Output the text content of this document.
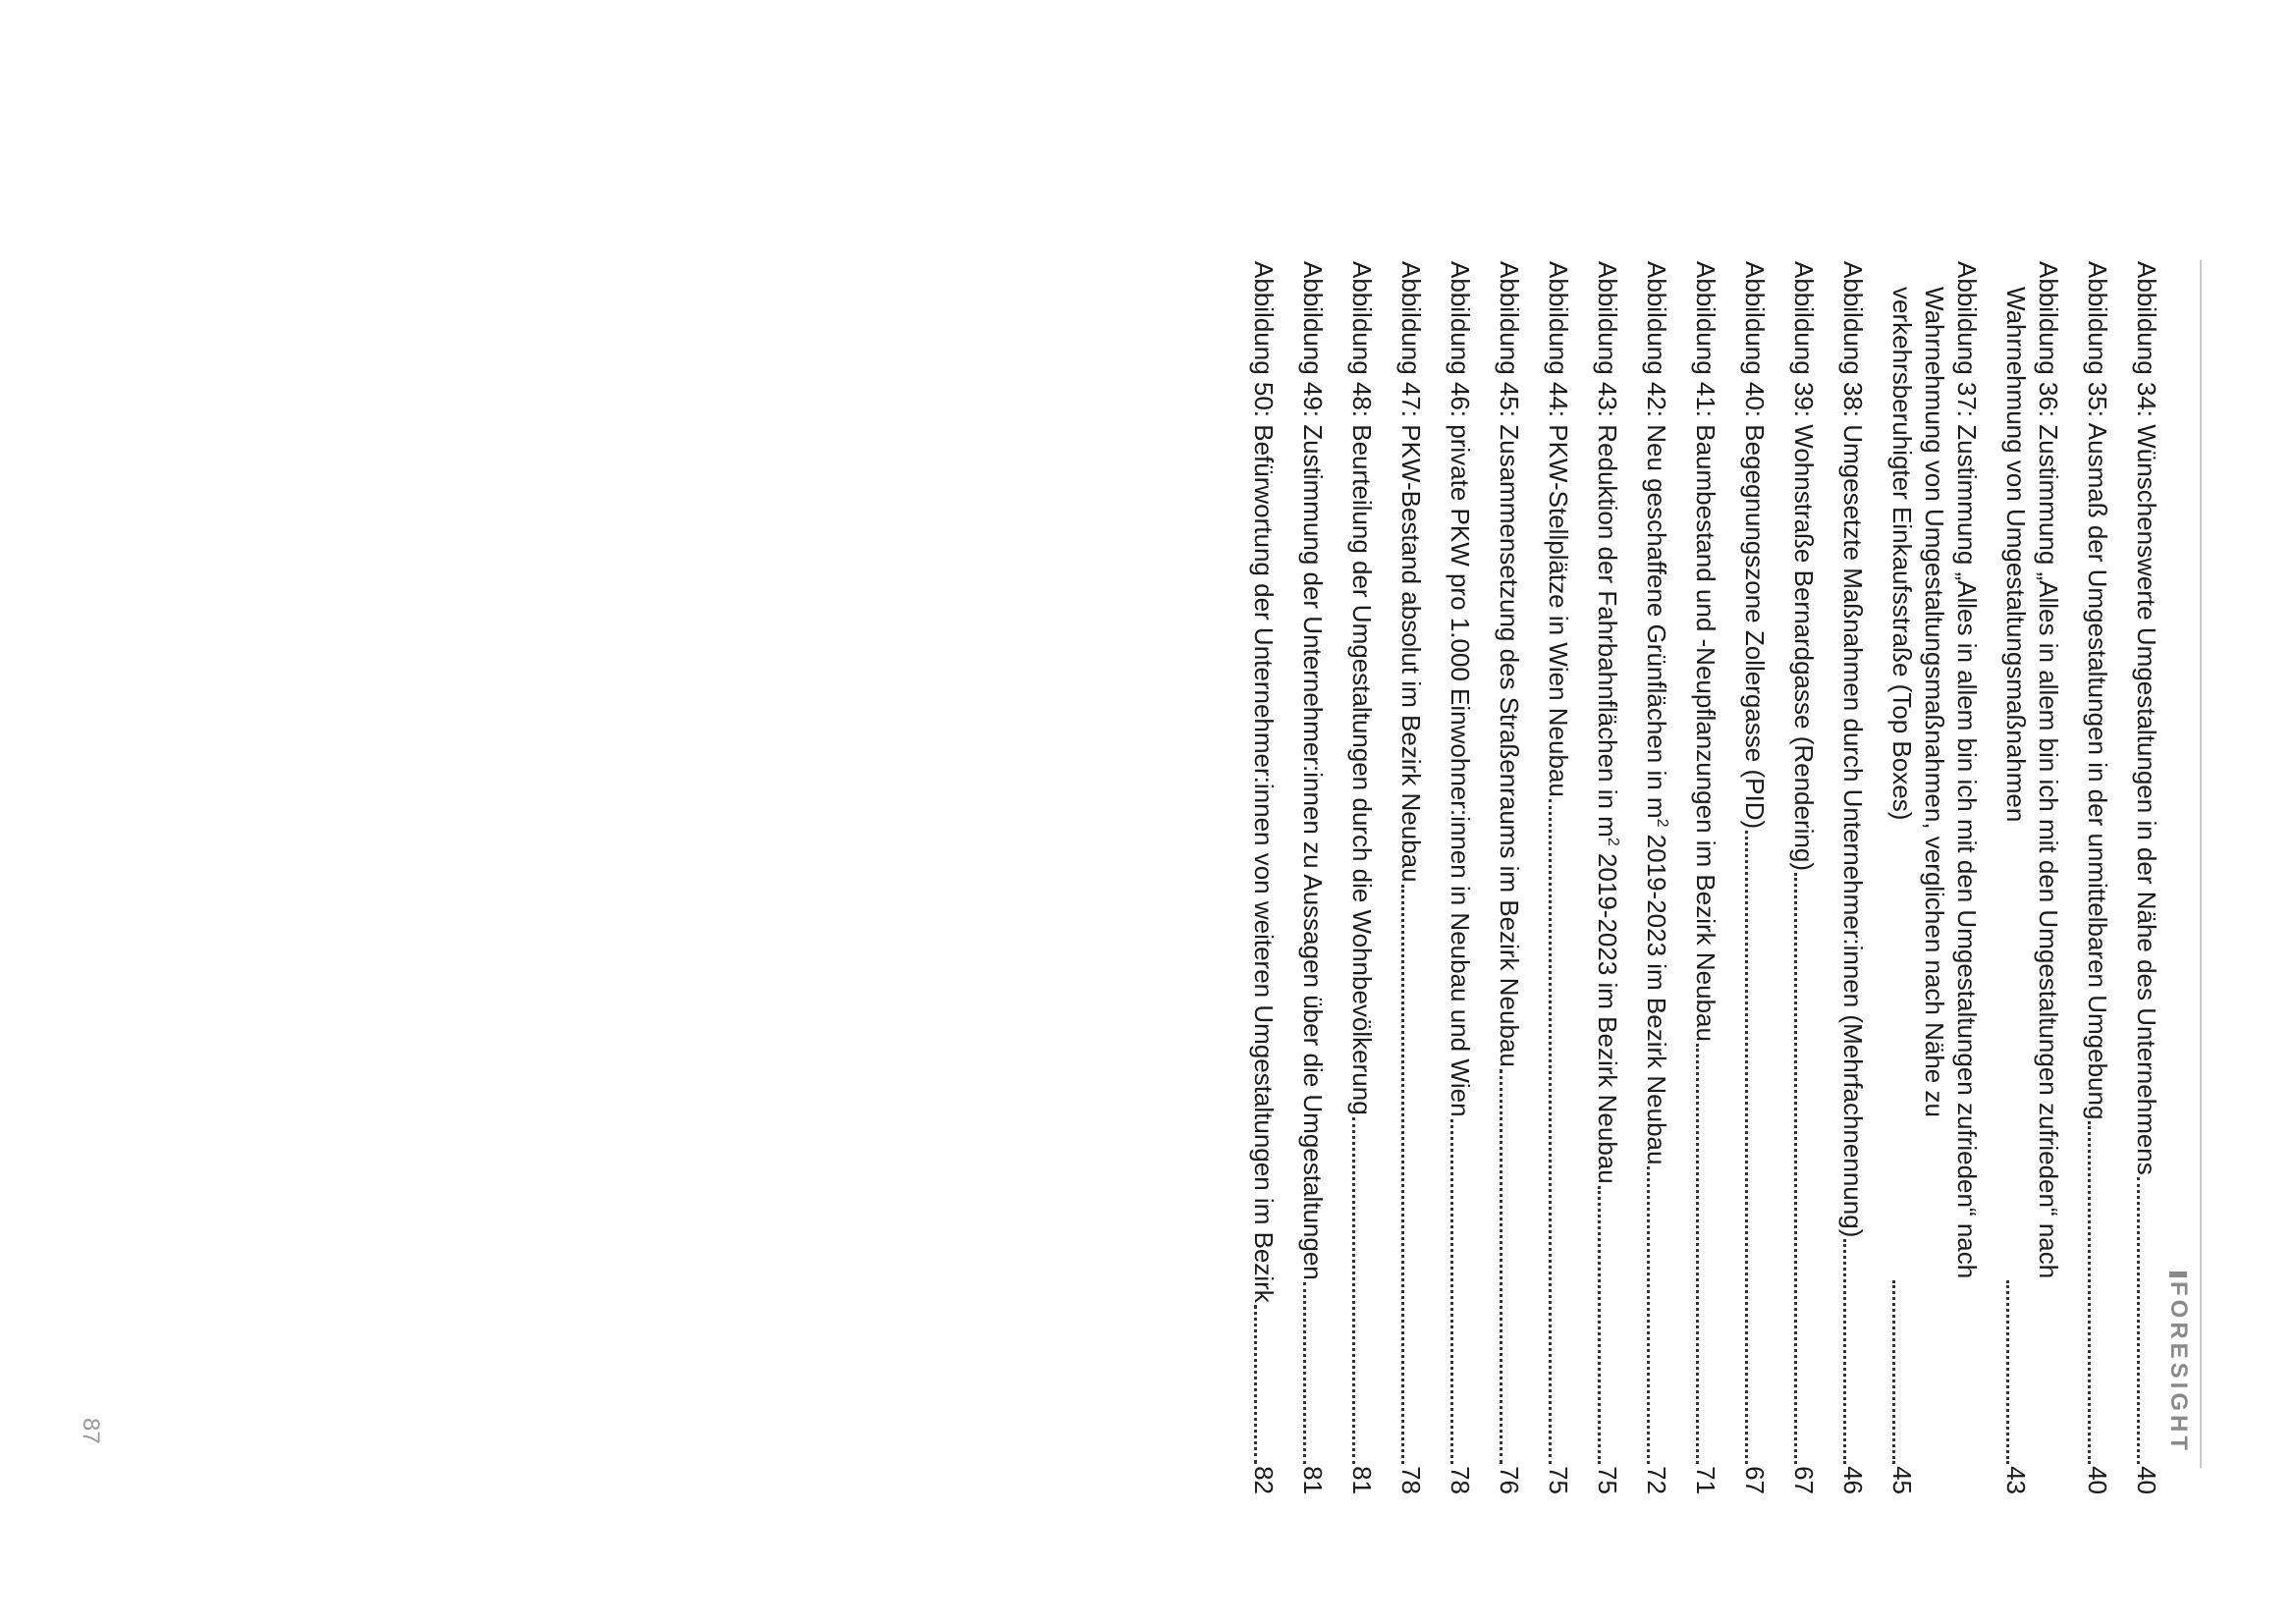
FORESIGHT
Abbildung 34: Wünschenswerte Umgestaltungen in der Nähe des Unternehmens
40
Abbildung 35: Ausmaß der Umgestaltungen in der unmittelbaren Umgebung
40
Abbildung 36: Zustimmung „Alles in allem bin ich mit den Umgestaltungen zufrieden“ nach
Wahrnehmung von Umgestaltungsmaßnahmen
43
Abbildung 37: Zustimmung „Alles in allem bin ich mit den Umgestaltungen zufrieden“ nach
Wahrnehmung von Umgestaltungsmaßnahmen, verglichen nach Nähe zu
verkehrsberuhigter Einkaufsstraße (Top Boxes)
45
Abbildung 38: Umgesetzte Maßnahmen durch Unternehmer:innen (Mehrfachnennung)
46
Abbildung 39: Wohnstraße Bernardgasse (Rendering)
67
Abbildung 40: Begegnungszone Zollergasse (PID)
67
Abbildung 41: Baumbestand und -Neupflanzungen im Bezirk Neubau
71
Abbildung 42: Neu geschaffene Grünflächen in $m^2$ 2019-2023 im Bezirk Neubau
72
Abbildung 43: Reduktion der Fahrbahnflächen in $m^2$ 2019-2023 im Bezirk Neubau
75
Abbildung 44: PKW-Stellplätze in Wien Neubau
75
Abbildung 45: Zusammensetzung des Straßenraums im Bezirk Neubau
76
Abbildung 46: private PKW pro 1.000 Einwohner:innen in Neubau und Wien
78
Abbildung 47: PKW-Bestand absolut im Bezirk Neubau
78
Abbildung 48: Beurteilung der Umgestaltungen durch die Wohnbevölkerung
81
Abbildung 49: Zustimmung der Unternehmer:innen zu Aussagen über die Umgestaltungen
81
Abbildung 50: Befürwortung der Unternehmer:innen von weiteren Umgestaltungen im Bezirk
82
87
